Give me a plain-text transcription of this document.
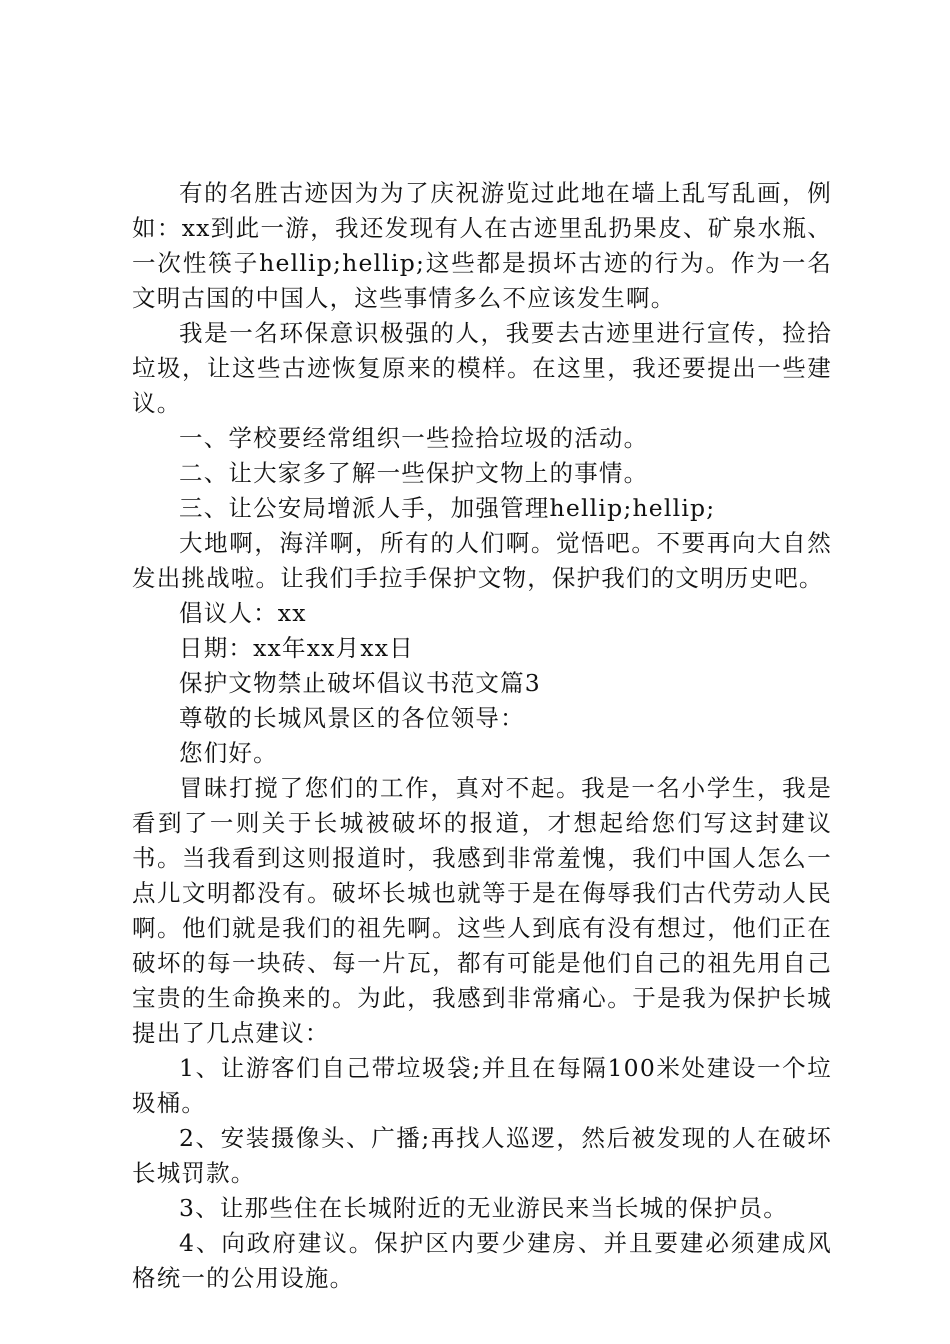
有的名胜古迹因为为了庆祝游览过此地在墙上乱写乱画，例如：xx到此一游，我还发现有人在古迹里乱扔果皮、矿泉水瓶、一次性筷子hellip;hellip;这些都是损坏古迹的行为。作为一名文明古国的中国人，这些事情多么不应该发生啊。

我是一名环保意识极强的人，我要去古迹里进行宣传，捡拾垃圾，让这些古迹恢复原来的模样。在这里，我还要提出一些建议。

一、学校要经常组织一些捡拾垃圾的活动。

二、让大家多了解一些保护文物上的事情。

三、让公安局增派人手，加强管理hellip;hellip;

大地啊，海洋啊，所有的人们啊。觉悟吧。不要再向大自然发出挑战啦。让我们手拉手保护文物，保护我们的文明历史吧。

倡议人：xx

日期：xx年xx月xx日

保护文物禁止破坏倡议书范文篇3

尊敬的长城风景区的各位领导：

您们好。

冒昧打搅了您们的工作，真对不起。我是一名小学生，我是看到了一则关于长城被破坏的报道，才想起给您们写这封建议书。当我看到这则报道时，我感到非常羞愧，我们中国人怎么一点儿文明都没有。破坏长城也就等于是在侮辱我们古代劳动人民啊。他们就是我们的祖先啊。这些人到底有没有想过，他们正在破坏的每一块砖、每一片瓦，都有可能是他们自己的祖先用自己宝贵的生命换来的。为此，我感到非常痛心。于是我为保护长城提出了几点建议：

1、让游客们自己带垃圾袋;并且在每隔100米处建设一个垃圾桶。

2、安装摄像头、广播;再找人巡逻，然后被发现的人在破坏长城罚款。

3、让那些住在长城附近的无业游民来当长城的保护员。

4、向政府建议。保护区内要少建房、并且要建必须建成风格统一的公用设施。
